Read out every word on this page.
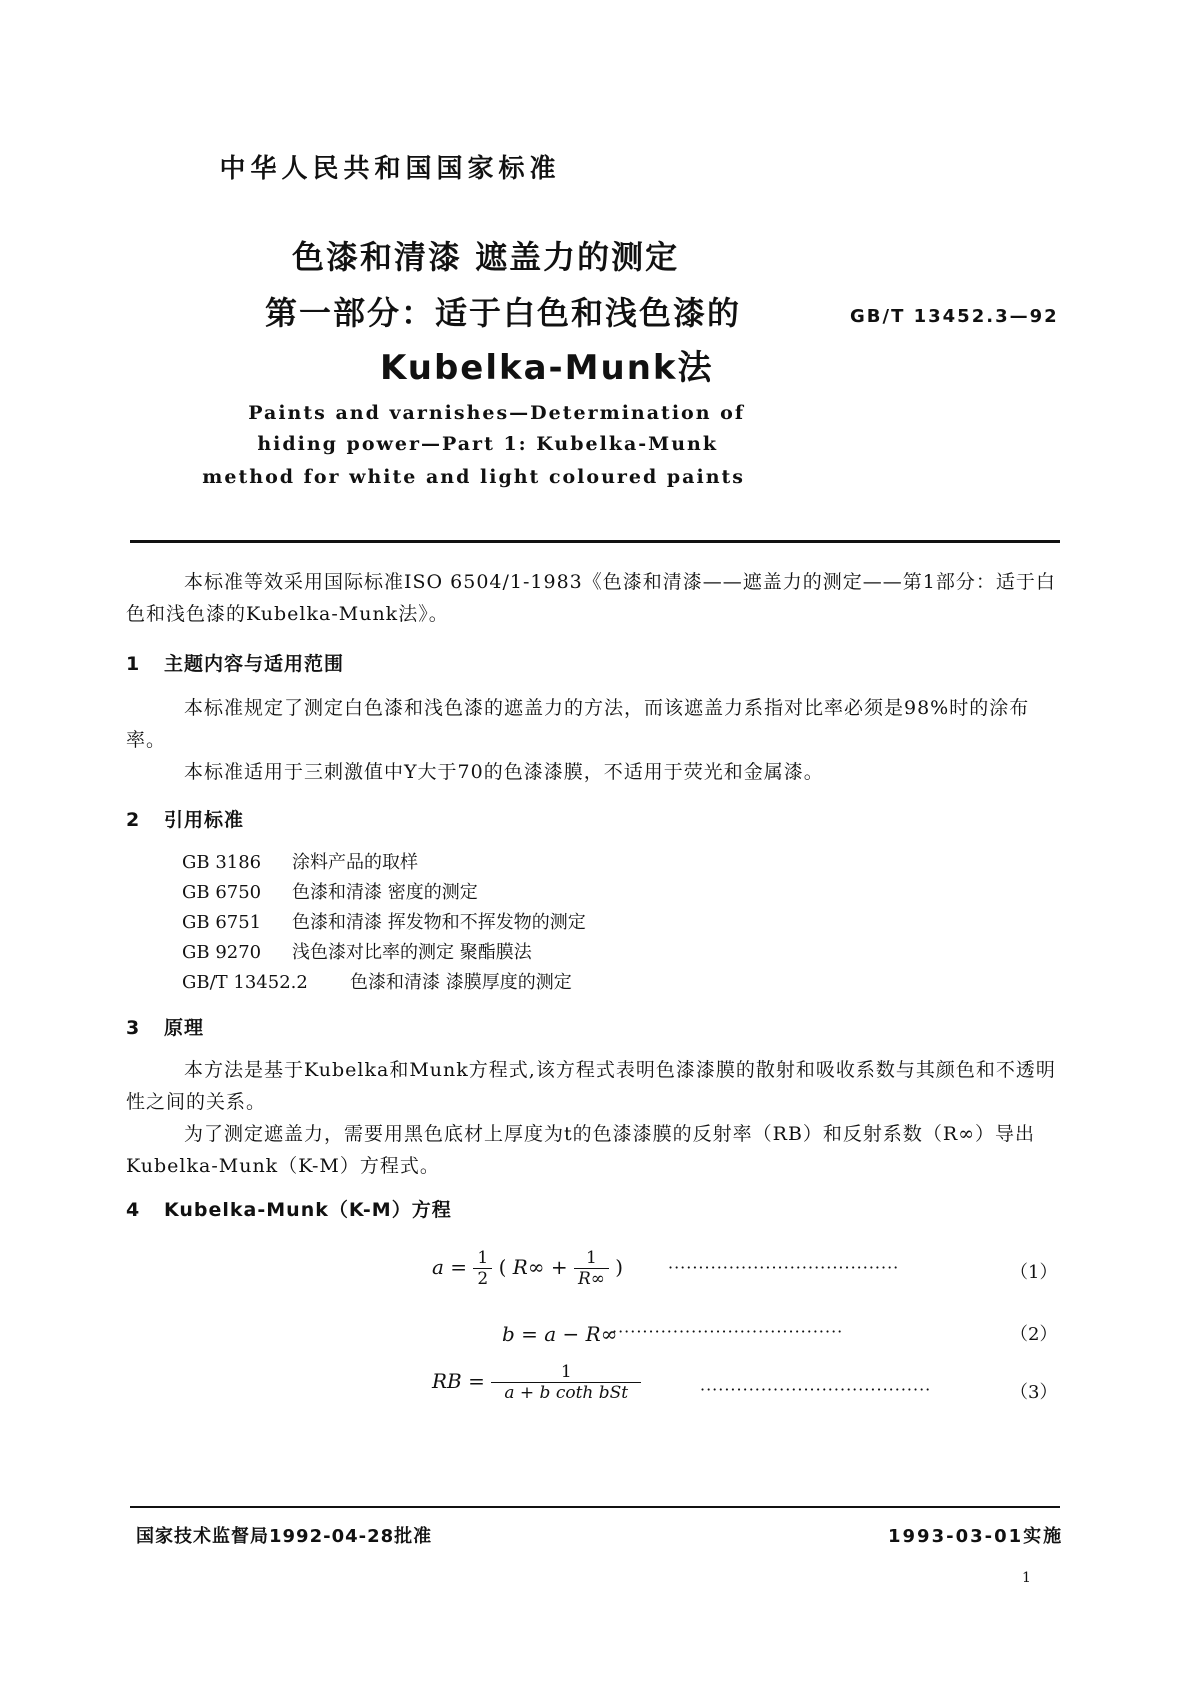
中华人民共和国国家标准
色漆和清漆 遮盖力的测定
第一部分：适于白色和浅色漆的
Kubelka-Munk法
GB/T 13452.3—92
Paints and varnishes—Determination of
hiding power—Part 1: Kubelka-Munk
method for white and light coloured paints
本标准等效采用国际标准ISO 6504/1-1983《色漆和清漆——遮盖力的测定——第1部分：适于白色和浅色漆的Kubelka-Munk法》。
1 主题内容与适用范围
本标准规定了测定白色漆和浅色漆的遮盖力的方法，而该遮盖力系指对比率必须是98%时的涂布率。
本标准适用于三刺激值中Y大于70的色漆漆膜，不适用于荧光和金属漆。
2 引用标准
GB 3186 涂料产品的取样
GB 6750 色漆和清漆 密度的测定
GB 6751 色漆和清漆 挥发物和不挥发物的测定
GB 9270 浅色漆对比率的测定 聚酯膜法
GB/T 13452.2 色漆和清漆 漆膜厚度的测定
3 原理
本方法是基于Kubelka和Munk方程式,该方程式表明色漆漆膜的散射和吸收系数与其颜色和不透明性之间的关系。
为了测定遮盖力，需要用黑色底材上厚度为t的色漆漆膜的反射率（RB）和反射系数（R∞）导出Kubelka-Munk（K-M）方程式。
4 Kubelka-Munk（K-M）方程
$a = \frac{1}{2}$ ( $R\infty + \frac{1}{R\infty}$ )	······································	（1）
b = a − R∞
······································	（2）
RB = $\frac{1}{\text{a + b coth bSt}}$	······································	（3）
国家技术监督局1992-04-28批准	1993-03-01实施
1
